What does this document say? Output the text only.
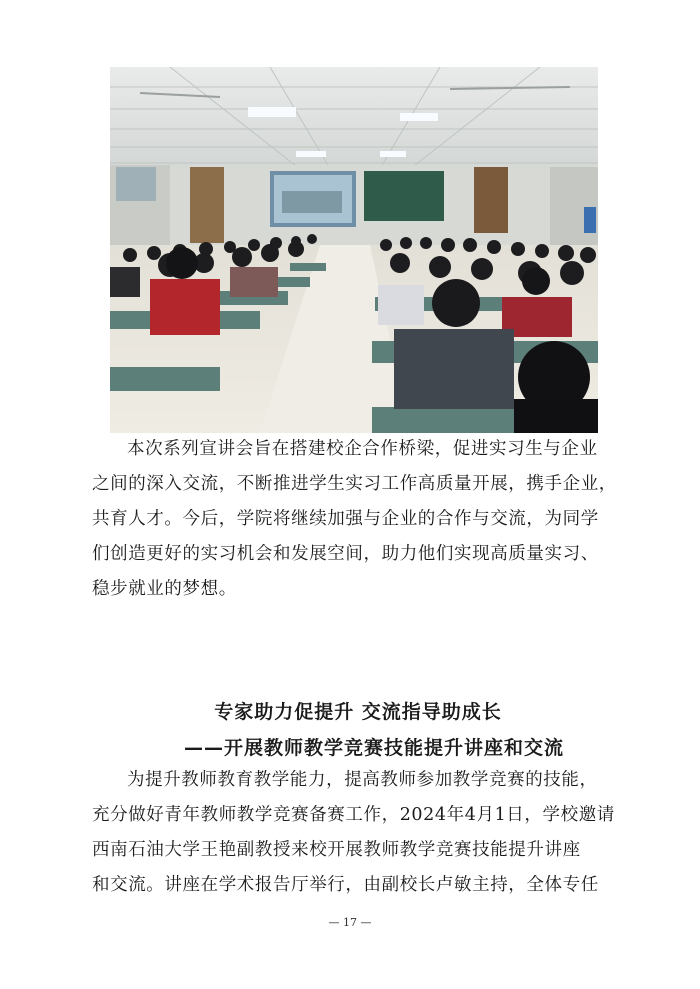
本次系列宣讲会旨在搭建校企合作桥梁，促进实习生与企业
之间的深入交流，不断推进学生实习工作高质量开展，携手企业，
共育人才。今后，学院将继续加强与企业的合作与交流，为同学
们创造更好的实习机会和发展空间，助力他们实现高质量实习、
稳步就业的梦想。
专家助力促提升 交流指导助成长
——开展教师教学竞赛技能提升讲座和交流
为提升教师教育教学能力，提高教师参加教学竞赛的技能，
充分做好青年教师教学竞赛备赛工作，2024年4月1日，学校邀请
西南石油大学王艳副教授来校开展教师教学竞赛技能提升讲座
和交流。讲座在学术报告厅举行，由副校长卢敏主持，全体专任
— 17 —
